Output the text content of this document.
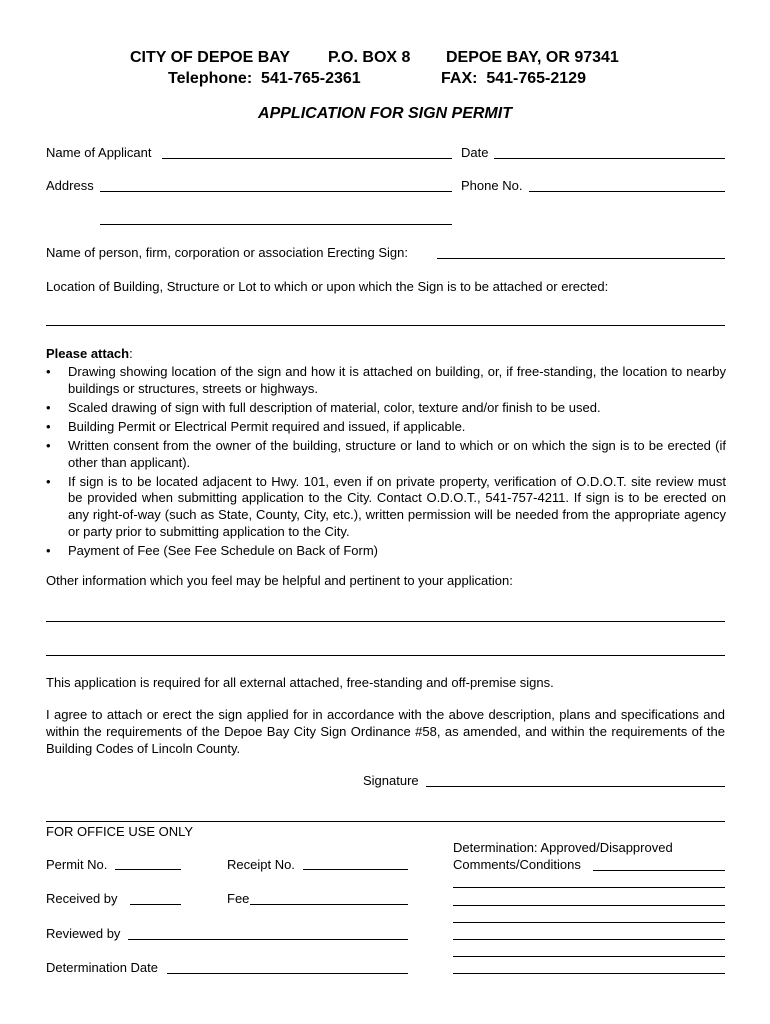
CITY OF DEPOE BAY P.O. BOX 8 DEPOE BAY, OR 97341
Telephone:  541-765-2361	FAX:  541-765-2129
APPLICATION FOR SIGN PERMIT
Name of Applicant	Date
Address	Phone No.
Name of person, firm, corporation or association Erecting Sign:
Location of Building, Structure or Lot to which or upon which the Sign is to be attached or erected:
Please attach:
• Drawing showing location of the sign and how it is attached on building, or, if free-standing, the location to nearby buildings or structures, streets or highways.
• Scaled drawing of sign with full description of material, color, texture and/or finish to be used.
• Building Permit or Electrical Permit required and issued, if applicable.
• Written consent from the owner of the building, structure or land to which or on which the sign is to be erected (if other than applicant).
• If sign is to be located adjacent to Hwy. 101, even if on private property, verification of O.D.O.T. site review must be provided when submitting application to the City. Contact O.D.O.T., 541-757-4211. If sign is to be erected on any right-of-way (such as State, County, City, etc.), written permission will be needed from the appropriate agency or party prior to submitting application to the City.
• Payment of Fee (See Fee Schedule on Back of Form)
Other information which you feel may be helpful and pertinent to your application:
This application is required for all external attached, free-standing and off-premise signs.
I agree to attach or erect the sign applied for in accordance with the above description, plans and specifications and within the requirements of the Depoe Bay City Sign Ordinance #58, as amended, and within the requirements of the Building Codes of Lincoln County.
Signature
FOR OFFICE USE ONLY
Permit No.	Receipt No.
Received by	Fee
Reviewed by
Determination Date
Determination: Approved/Disapproved
Comments/Conditions
